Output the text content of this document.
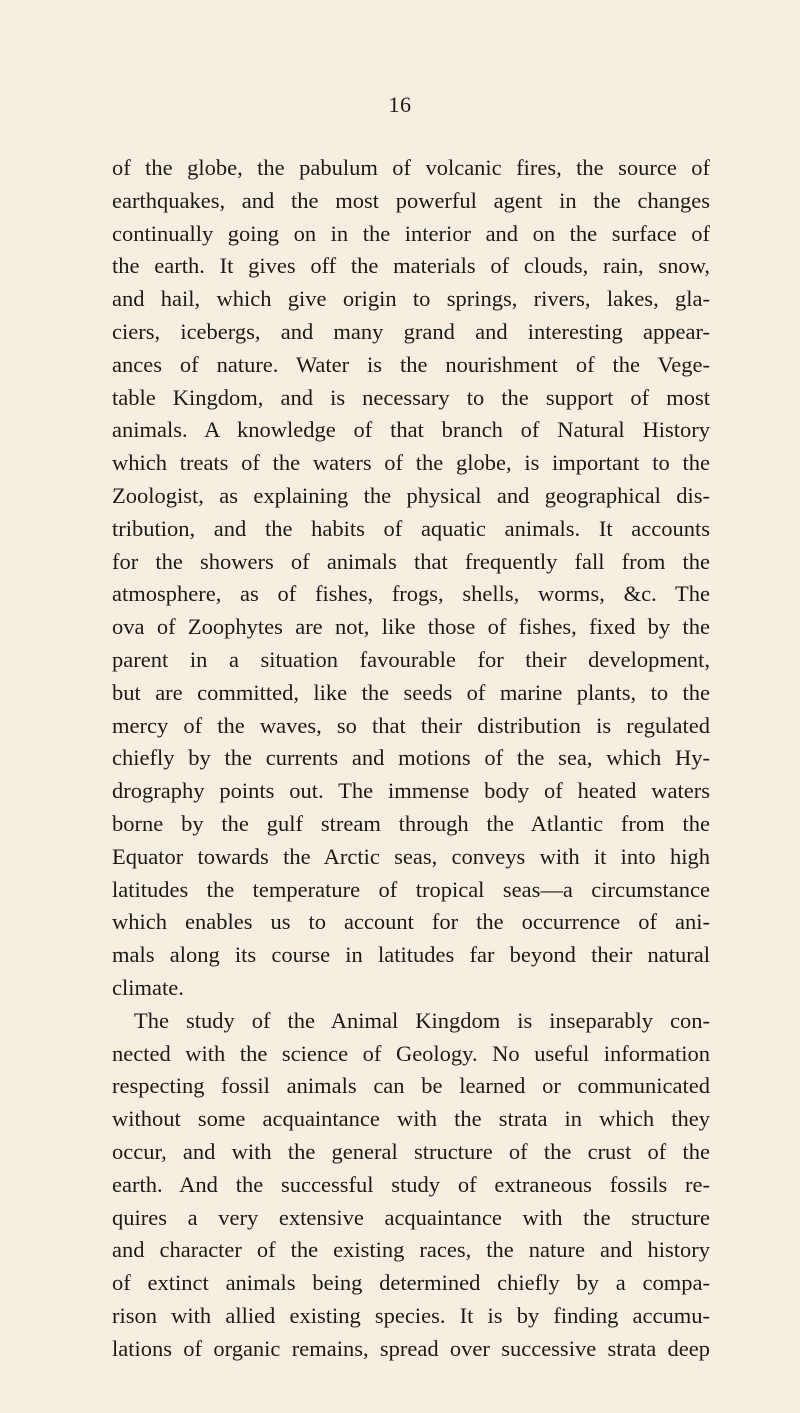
16
of the globe, the pabulum of volcanic fires, the source of
earthquakes, and the most powerful agent in the changes
continually going on in the interior and on the surface of
the earth. It gives off the materials of clouds, rain, snow,
and hail, which give origin to springs, rivers, lakes, gla-
ciers, icebergs, and many grand and interesting appear-
ances of nature. Water is the nourishment of the Vege-
table Kingdom, and is necessary to the support of most
animals. A knowledge of that branch of Natural History
which treats of the waters of the globe, is important to the
Zoologist, as explaining the physical and geographical dis-
tribution, and the habits of aquatic animals. It accounts
for the showers of animals that frequently fall from the
atmosphere, as of fishes, frogs, shells, worms, &c. The
ova of Zoophytes are not, like those of fishes, fixed by the
parent in a situation favourable for their development,
but are committed, like the seeds of marine plants, to the
mercy of the waves, so that their distribution is regulated
chiefly by the currents and motions of the sea, which Hy-
drography points out. The immense body of heated waters
borne by the gulf stream through the Atlantic from the
Equator towards the Arctic seas, conveys with it into high
latitudes the temperature of tropical seas—a circumstance
which enables us to account for the occurrence of ani-
mals along its course in latitudes far beyond their natural
climate.
The study of the Animal Kingdom is inseparably con-
nected with the science of Geology. No useful information
respecting fossil animals can be learned or communicated
without some acquaintance with the strata in which they
occur, and with the general structure of the crust of the
earth. And the successful study of extraneous fossils re-
quires a very extensive acquaintance with the structure
and character of the existing races, the nature and history
of extinct animals being determined chiefly by a compa-
rison with allied existing species. It is by finding accumu-
lations of organic remains, spread over successive strata deep
